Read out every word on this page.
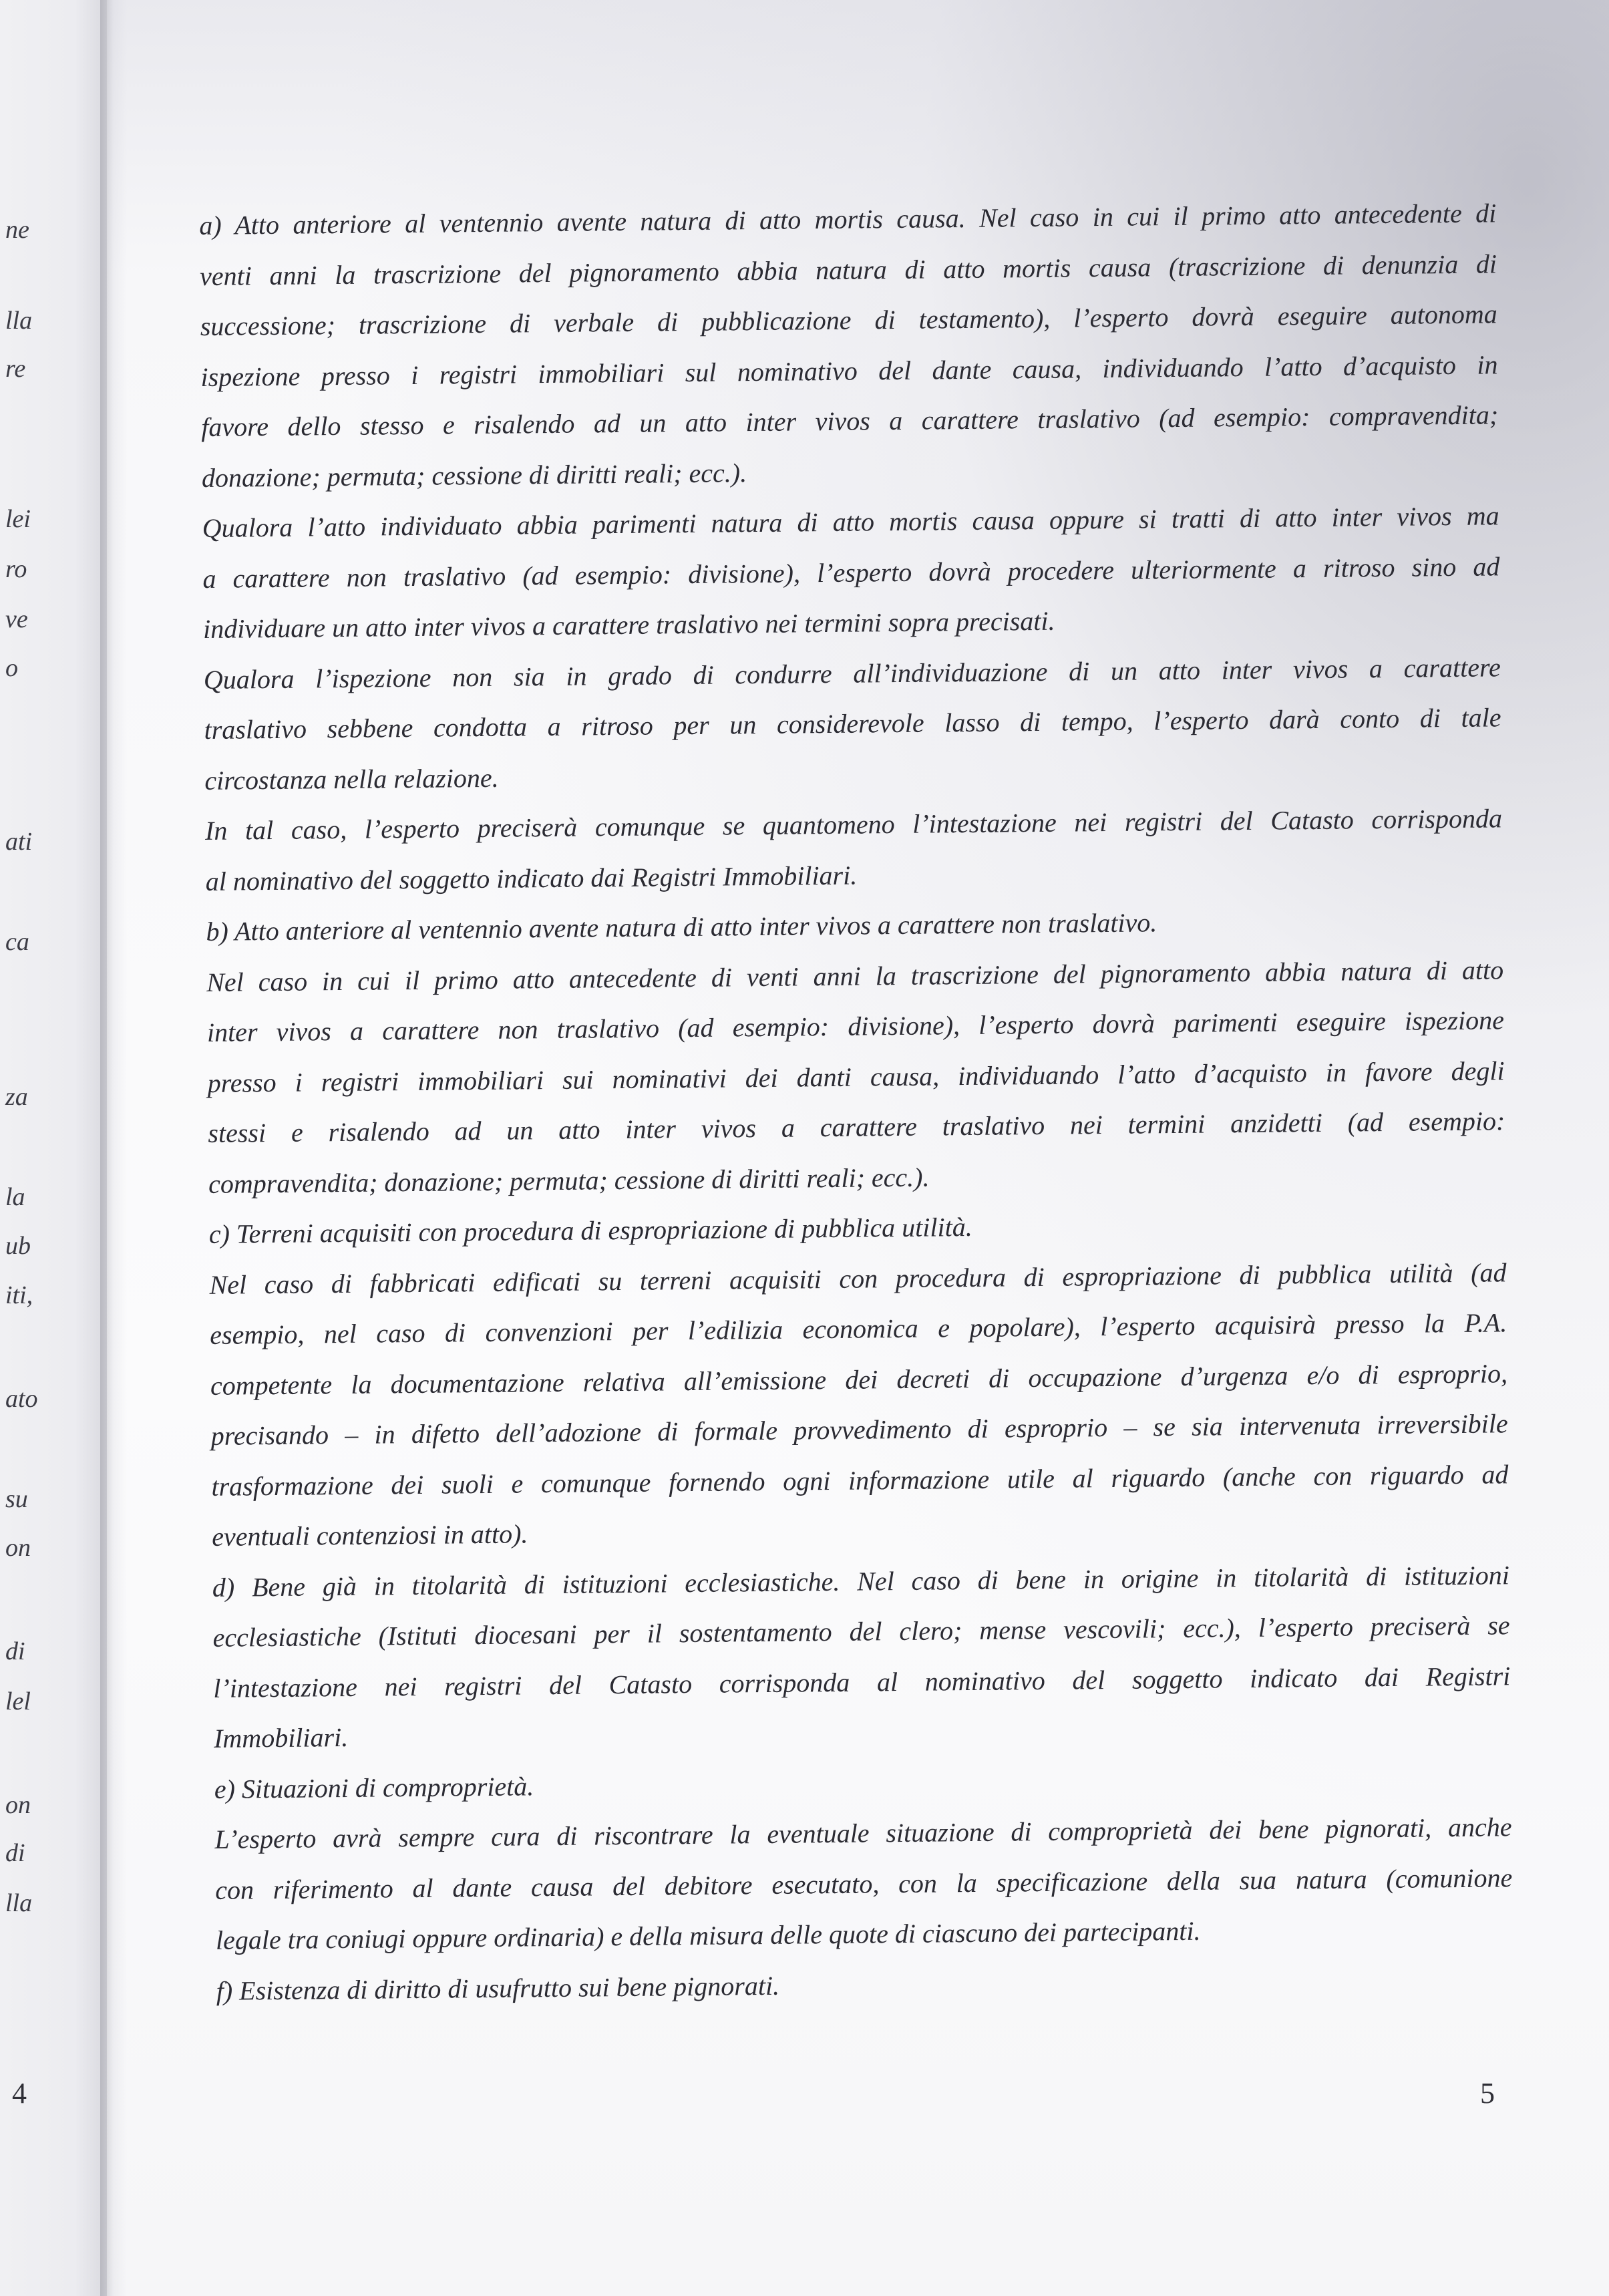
ne
lla
re
lei
ro
ve
o
ati
ca
za
la
ub
iti,
ato
su
on
di
lel
on
di
lla
4
a) Atto anteriore al ventennio avente natura di atto mortis causa. Nel caso in cui il primo atto antecedente di
venti anni la trascrizione del pignoramento abbia natura di atto mortis causa (trascrizione di denunzia di
successione; trascrizione di verbale di pubblicazione di testamento), l’esperto dovrà eseguire autonoma
ispezione presso i registri immobiliari sul nominativo del dante causa, individuando l’atto d’acquisto in
favore dello stesso e risalendo ad un atto inter vivos a carattere traslativo (ad esempio: compravendita;
donazione; permuta; cessione di diritti reali; ecc.).
Qualora l’atto individuato abbia parimenti natura di atto mortis causa oppure si tratti di atto inter vivos ma
a carattere non traslativo (ad esempio: divisione), l’esperto dovrà procedere ulteriormente a ritroso sino ad
individuare un atto inter vivos a carattere traslativo nei termini sopra precisati.
Qualora l’ispezione non sia in grado di condurre all’individuazione di un atto inter vivos a carattere
traslativo sebbene condotta a ritroso per un considerevole lasso di tempo, l’esperto darà conto di tale
circostanza nella relazione.
In tal caso, l’esperto preciserà comunque se quantomeno l’intestazione nei registri del Catasto corrisponda
al nominativo del soggetto indicato dai Registri Immobiliari.
b) Atto anteriore al ventennio avente natura di atto inter vivos a carattere non traslativo.
Nel caso in cui il primo atto antecedente di venti anni la trascrizione del pignoramento abbia natura di atto
inter vivos a carattere non traslativo (ad esempio: divisione), l’esperto dovrà parimenti eseguire ispezione
presso i registri immobiliari sui nominativi dei danti causa, individuando l’atto d’acquisto in favore degli
stessi e risalendo ad un atto inter vivos a carattere traslativo nei termini anzidetti (ad esempio:
compravendita; donazione; permuta; cessione di diritti reali; ecc.).
c) Terreni acquisiti con procedura di espropriazione di pubblica utilità.
Nel caso di fabbricati edificati su terreni acquisiti con procedura di espropriazione di pubblica utilità (ad
esempio, nel caso di convenzioni per l’edilizia economica e popolare), l’esperto acquisirà presso la P.A.
competente la documentazione relativa all’emissione dei decreti di occupazione d’urgenza e/o di esproprio,
precisando – in difetto dell’adozione di formale provvedimento di esproprio – se sia intervenuta irreversibile
trasformazione dei suoli e comunque fornendo ogni informazione utile al riguardo (anche con riguardo ad
eventuali contenziosi in atto).
d) Bene già in titolarità di istituzioni ecclesiastiche. Nel caso di bene in origine in titolarità di istituzioni
ecclesiastiche (Istituti diocesani per il sostentamento del clero; mense vescovili; ecc.), l’esperto preciserà se
l’intestazione nei registri del Catasto corrisponda al nominativo del soggetto indicato dai Registri
Immobiliari.
e) Situazioni di comproprietà.
L’esperto avrà sempre cura di riscontrare la eventuale situazione di comproprietà dei bene pignorati, anche
con riferimento al dante causa del debitore esecutato, con la specificazione della sua natura (comunione
legale tra coniugi oppure ordinaria) e della misura delle quote di ciascuno dei partecipanti.
f) Esistenza di diritto di usufrutto sui bene pignorati.
5
